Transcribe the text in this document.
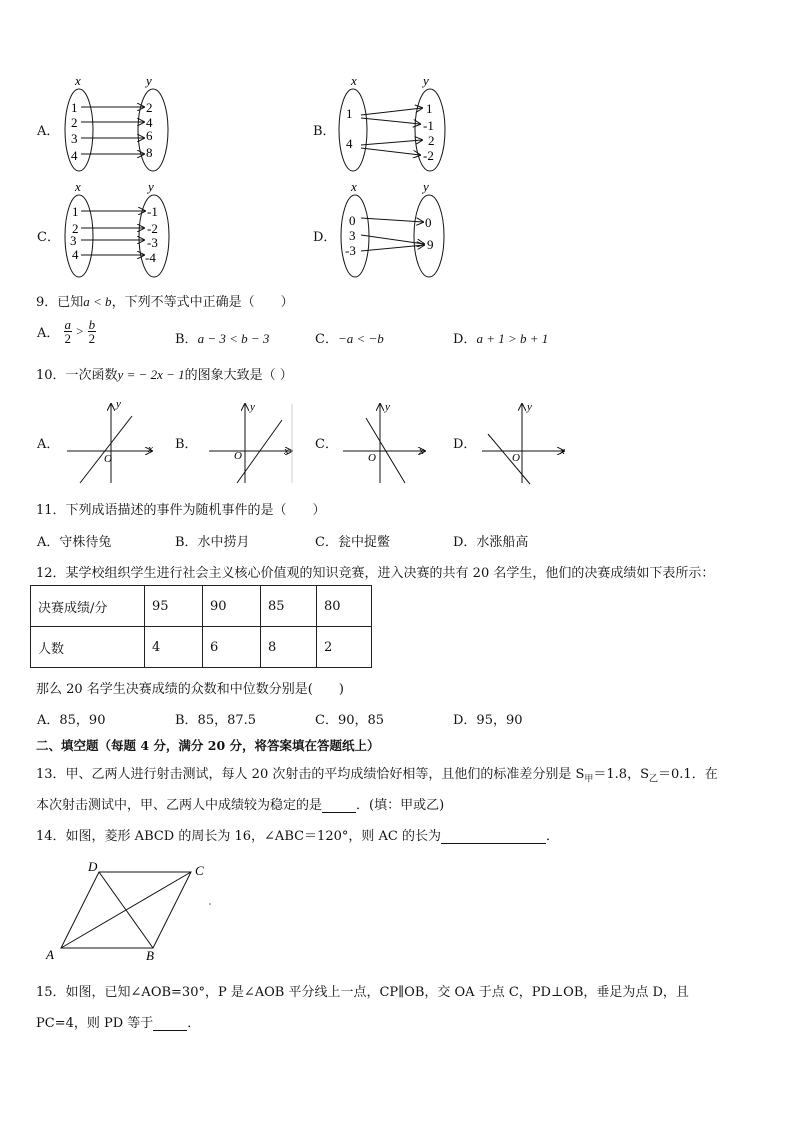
A．
x	y
1
2
3
4
2
4
6
8
B．
x	y
1
4
1
-1
2
-2
C．
x	y
1
2
3
4
-1
-2
-3
-4
D．
x	y
0
3
-3
0
9
9．已知a < b，下列不等式中正确是（　　）
A． $\frac{a}{2} > \frac{b}{2}$	B．a − 3 < b − 3	C．−a < −b	D．a + 1 > b + 1
10．一次函数y = − 2x − 1的图象大致是（ ）
A．
y
x
O
B．
y
x
O
C．
y
x
O
D．
y
x
O
11．下列成语描述的事件为随机事件的是（　　）
A．守株待兔	B．水中捞月	C．瓮中捉鳖	D．水涨船高
12．某学校组织学生进行社会主义核心价值观的知识竞赛，进入决赛的共有 20 名学生，他们的决赛成绩如下表所示：
决赛成绩/分	95	90	85	80
人数	4	6	8	2
那么 20 名学生决赛成绩的众数和中位数分别是(　　)
A．85，90	B．85，87.5	C．90，85	D．95，90
二、填空题（每题 4 分，满分 20 分，将答案填在答题纸上）
13．甲、乙两人进行射击测试，每人 20 次射击的平均成绩恰好相等，且他们的标准差分别是 $S_甲=1.8$，$S_乙=0.1$．在
本次射击测试中，甲、乙两人中成绩较为稳定的是	．(填：甲或乙)
14．如图，菱形 ABCD 的周长为 16，∠ABC＝120°，则 AC 的长为	．
A	B
C
D
15．如图，已知∠AOB=30°，P 是∠AOB 平分线上一点，CP∥OB，交 OA 于点 C，PD⊥OB，垂足为点 D，且
PC=4，则 PD 等于	．
